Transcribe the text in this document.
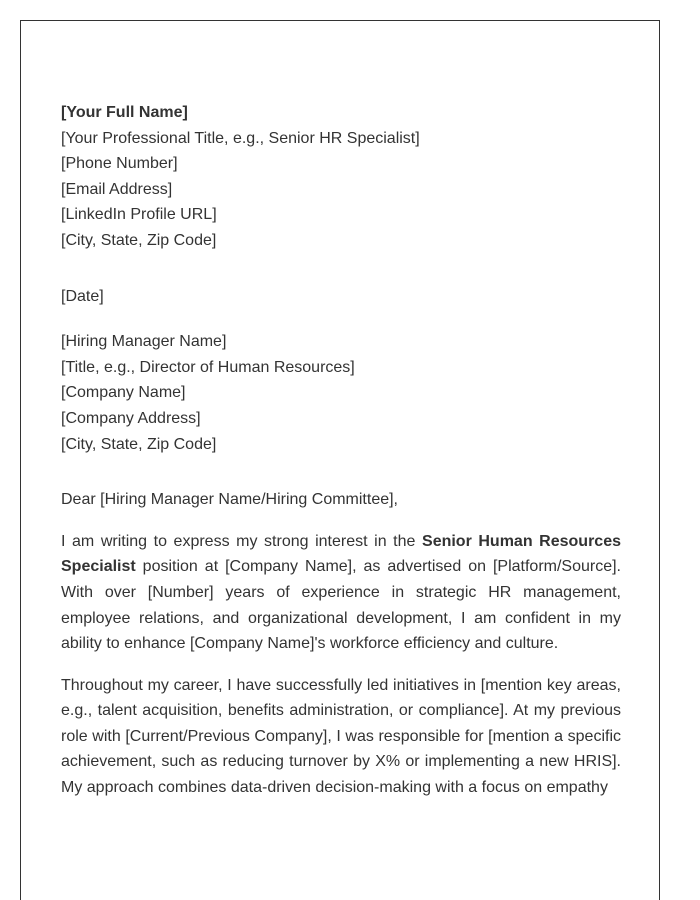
[Your Full Name]
[Your Professional Title, e.g., Senior HR Specialist]
[Phone Number]
[Email Address]
[LinkedIn Profile URL]
[City, State, Zip Code]
[Date]
[Hiring Manager Name]
[Title, e.g., Director of Human Resources]
[Company Name]
[Company Address]
[City, State, Zip Code]
Dear [Hiring Manager Name/Hiring Committee],

I am writing to express my strong interest in the Senior Human Resources Specialist position at [Company Name], as advertised on [Platform/Source]. With over [Number] years of experience in strategic HR management, employee relations, and organizational development, I am confident in my ability to enhance [Company Name]'s workforce efficiency and culture.

Throughout my career, I have successfully led initiatives in [mention key areas, e.g., talent acquisition, benefits administration, or compliance]. At my previous role with [Current/Previous Company], I was responsible for [mention a specific achievement, such as reducing turnover by X% or implementing a new HRIS]. My approach combines data-driven decision-making with a focus on empathy
